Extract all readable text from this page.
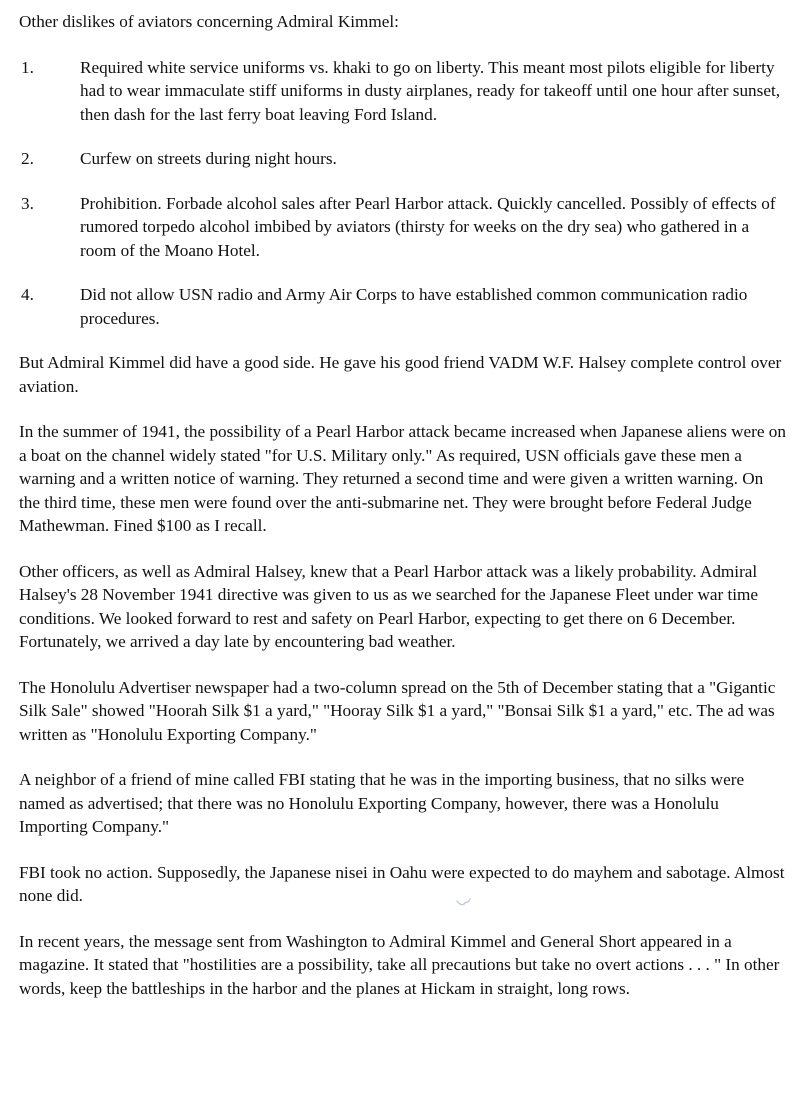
Other dislikes of aviators concerning Admiral Kimmel:

1.	Required white service uniforms vs. khaki to go on liberty. This meant most pilots eligible for liberty had to wear immaculate stiff uniforms in dusty airplanes, ready for takeoff until one hour after sunset, then dash for the last ferry boat leaving Ford Island.
2.	Curfew on streets during night hours.
3.	Prohibition. Forbade alcohol sales after Pearl Harbor attack. Quickly cancelled. Possibly of effects of rumored torpedo alcohol imbibed by aviators (thirsty for weeks on the dry sea) who gathered in a room of the Moano Hotel.
4.	Did not allow USN radio and Army Air Corps to have established common communication radio procedures.

But Admiral Kimmel did have a good side. He gave his good friend VADM W.F. Halsey complete control over aviation.

In the summer of 1941, the possibility of a Pearl Harbor attack became increased when Japanese aliens were on a boat on the channel widely stated "for U.S. Military only." As required, USN officials gave these men a warning and a written notice of warning. They returned a second time and were given a written warning. On the third time, these men were found over the anti-submarine net. They were brought before Federal Judge Mathewman. Fined $100 as I recall.

Other officers, as well as Admiral Halsey, knew that a Pearl Harbor attack was a likely probability. Admiral Halsey's 28 November 1941 directive was given to us as we searched for the Japanese Fleet under war time conditions. We looked forward to rest and safety on Pearl Harbor, expecting to get there on 6 December. Fortunately, we arrived a day late by encountering bad weather.

The Honolulu Advertiser newspaper had a two-column spread on the 5th of December stating that a "Gigantic Silk Sale" showed "Hoorah Silk $1 a yard," "Hooray Silk $1 a yard," "Bonsai Silk $1 a yard," etc. The ad was written as "Honolulu Exporting Company."

A neighbor of a friend of mine called FBI stating that he was in the importing business, that no silks were named as advertised; that there was no Honolulu Exporting Company, however, there was a Honolulu Importing Company."

FBI took no action. Supposedly, the Japanese nisei in Oahu were expected to do mayhem and sabotage. Almost none did.

In recent years, the message sent from Washington to Admiral Kimmel and General Short appeared in a magazine. It stated that "hostilities are a possibility, take all precautions but take no overt actions . . . " In other words, keep the battleships in the harbor and the planes at Hickam in straight, long rows.
